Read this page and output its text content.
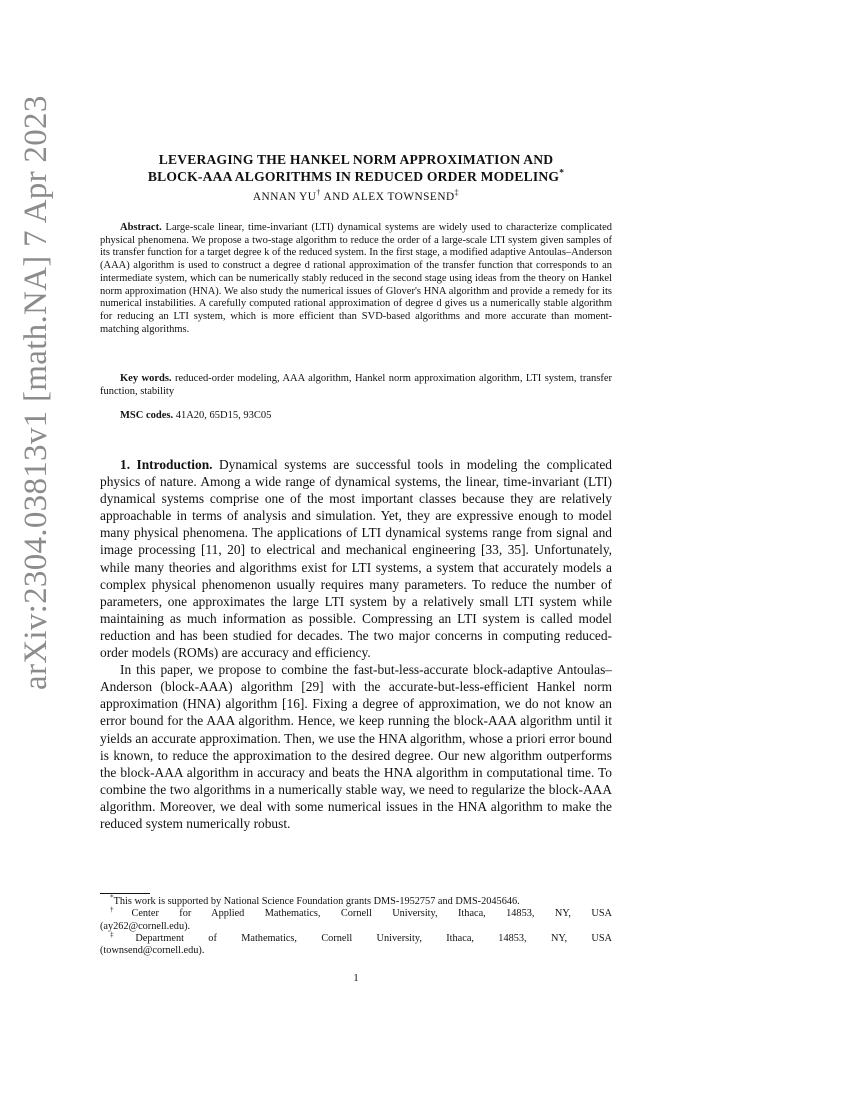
arXiv:2304.03813v1 [math.NA] 7 Apr 2023	LEVERAGING THE HANKEL NORM APPROXIMATION AND
BLOCK-AAA ALGORITHMS IN REDUCED ORDER MODELING*
ANNAN YU† AND ALEX TOWNSEND‡

Abstract. Large-scale linear, time-invariant (LTI) dynamical systems are widely used to characterize complicated physical phenomena. We propose a two-stage algorithm to reduce the order of a large-scale LTI system given samples of its transfer function for a target degree k of the reduced system. In the first stage, a modified adaptive Antoulas–Anderson (AAA) algorithm is used to construct a degree d rational approximation of the transfer function that corresponds to an intermediate system, which can be numerically stably reduced in the second stage using ideas from the theory on Hankel norm approximation (HNA). We also study the numerical issues of Glover's HNA algorithm and provide a remedy for its numerical instabilities. A carefully computed rational approximation of degree d gives us a numerically stable algorithm for reducing an LTI system, which is more efficient than SVD-based algorithms and more accurate than moment-matching algorithms.

Key words. reduced-order modeling, AAA algorithm, Hankel norm approximation algorithm, LTI system, transfer function, stability

MSC codes. 41A20, 65D15, 93C05

1. Introduction. Dynamical systems are successful tools in modeling the complicated physics of nature. Among a wide range of dynamical systems, the linear, time-invariant (LTI) dynamical systems comprise one of the most important classes because they are relatively approachable in terms of analysis and simulation. Yet, they are expressive enough to model many physical phenomena. The applications of LTI dynamical systems range from signal and image processing [11, 20] to electrical and mechanical engineering [33, 35]. Unfortunately, while many theories and algorithms exist for LTI systems, a system that accurately models a complex physical phenomenon usually requires many parameters. To reduce the number of parameters, one approximates the large LTI system by a relatively small LTI system while maintaining as much information as possible. Compressing an LTI system is called model reduction and has been studied for decades. The two major concerns in computing reduced-order models (ROMs) are accuracy and efficiency.

In this paper, we propose to combine the fast-but-less-accurate block-adaptive Antoulas–Anderson (block-AAA) algorithm [29] with the accurate-but-less-efficient Hankel norm approximation (HNA) algorithm [16]. Fixing a degree of approximation, we do not know an error bound for the AAA algorithm. Hence, we keep running the block-AAA algorithm until it yields an accurate approximation. Then, we use the HNA algorithm, whose a priori error bound is known, to reduce the approximation to the desired degree. Our new algorithm outperforms the block-AAA algorithm in accuracy and beats the HNA algorithm in computational time. To combine the two algorithms in a numerically stable way, we need to regularize the block-AAA algorithm. Moreover, we deal with some numerical issues in the HNA algorithm to make the reduced system numerically robust.

*This work is supported by National Science Foundation grants DMS-1952757 and DMS-2045646.

†Center for Applied Mathematics, Cornell University, Ithaca, 14853, NY, USA

(ay262@cornell.edu).

‡Department of Mathematics, Cornell University, Ithaca, 14853, NY, USA

(townsend@cornell.edu).

1
